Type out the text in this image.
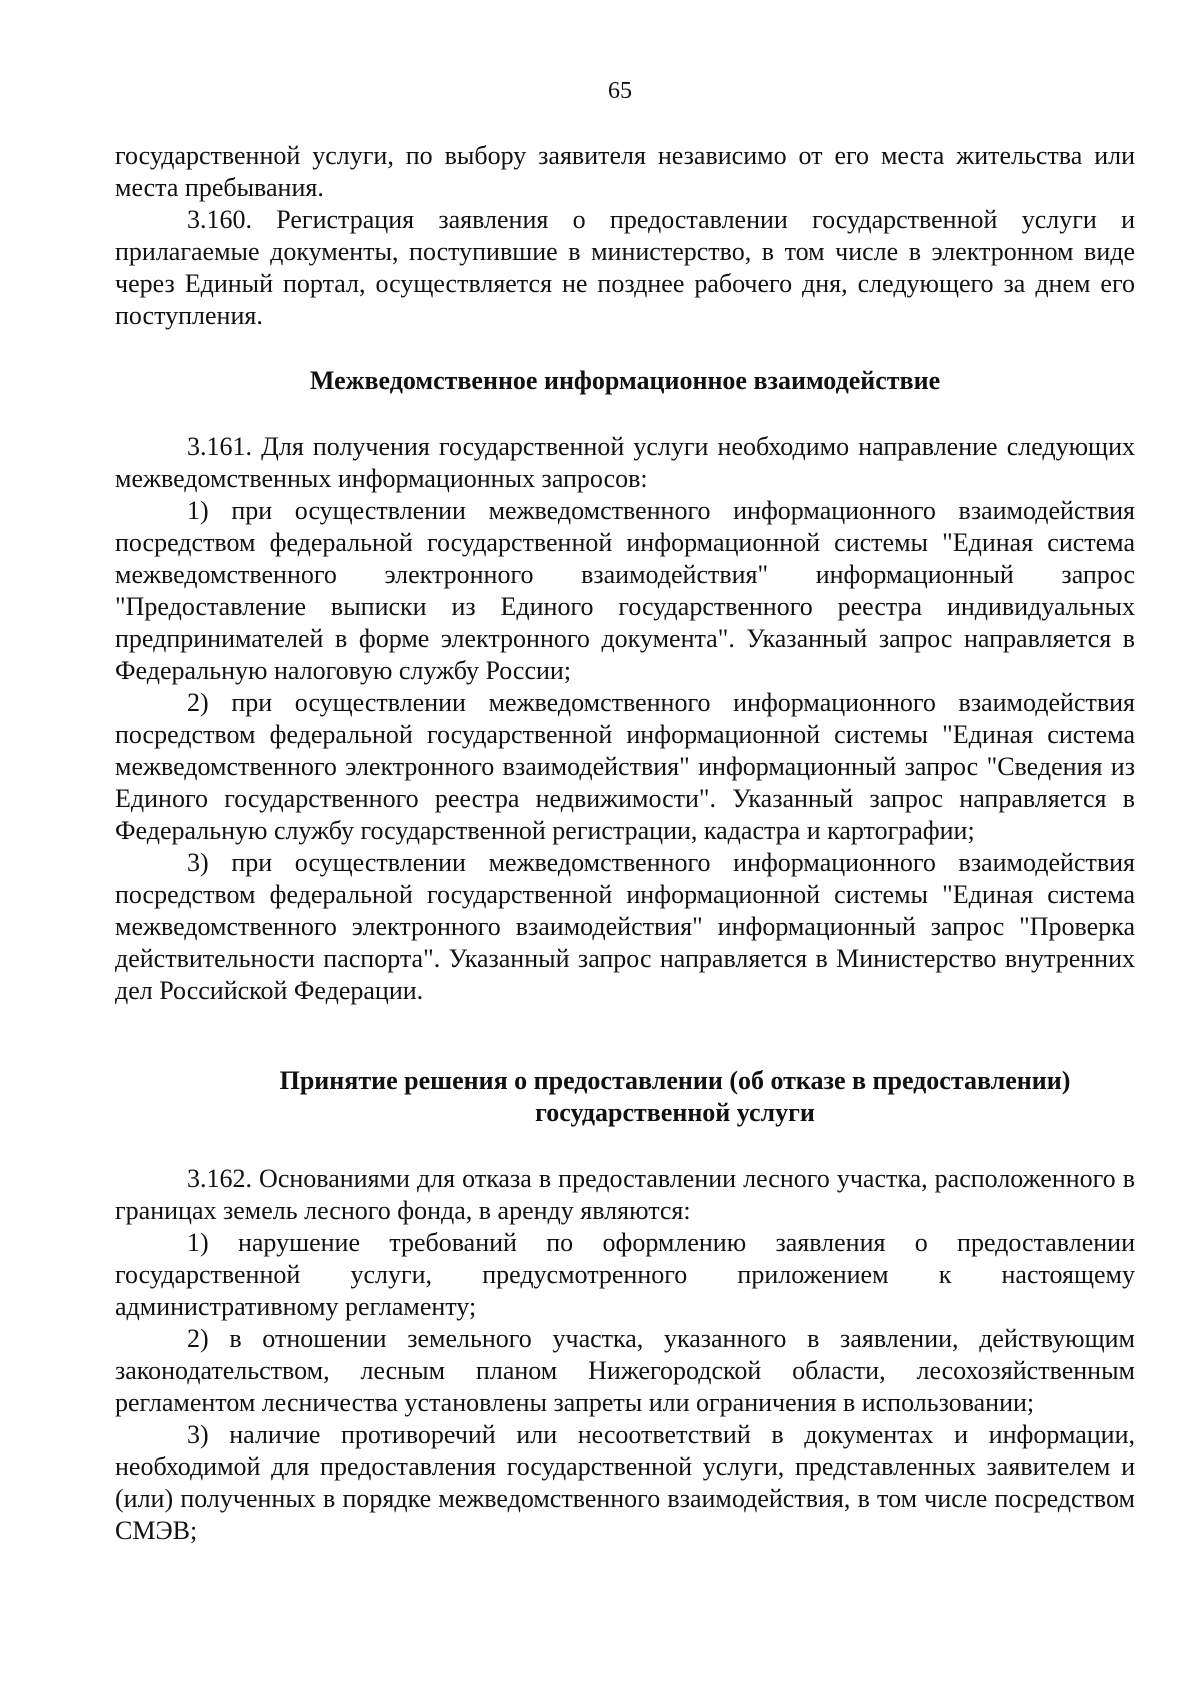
65

государственной услуги, по выбору заявителя независимо от его места жительства или места пребывания.

3.160. Регистрация заявления о предоставлении государственной услуги и прилагаемые документы, поступившие в министерство, в том числе в электронном виде через Единый портал, осуществляется не позднее рабочего дня, следующего за днем его поступления.

Межведомственное информационное взаимодействие

3.161. Для получения государственной услуги необходимо направление следующих межведомственных информационных запросов:

1) при осуществлении межведомственного информационного взаимодействия посредством федеральной государственной информационной системы "Единая система межведомственного электронного взаимодействия" информационный запрос "Предоставление выписки из Единого государственного реестра индивидуальных предпринимателей в форме электронного документа". Указанный запрос направляется в Федеральную налоговую службу России;

2) при осуществлении межведомственного информационного взаимодействия посредством федеральной государственной информационной системы "Единая система межведомственного электронного взаимодействия" информационный запрос "Сведения из Единого государственного реестра недвижимости". Указанный запрос направляется в Федеральную службу государственной регистрации, кадастра и картографии;

3) при осуществлении межведомственного информационного взаимодействия посредством федеральной государственной информационной системы "Единая система межведомственного электронного взаимодействия" информационный запрос "Проверка действительности паспорта". Указанный запрос направляется в Министерство внутренних дел Российской Федерации.

Принятие решения о предоставлении (об отказе в предоставлении)

государственной услуги

3.162. Основаниями для отказа в предоставлении лесного участка, расположенного в границах земель лесного фонда, в аренду являются:

1) нарушение требований по оформлению заявления о предоставлении государственной услуги, предусмотренного приложением к настоящему административному регламенту;

2) в отношении земельного участка, указанного в заявлении, действующим законодательством, лесным планом Нижегородской области, лесохозяйственным регламентом лесничества установлены запреты или ограничения в использовании;

3) наличие противоречий или несоответствий в документах и информации, необходимой для предоставления государственной услуги, представленных заявителем и (или) полученных в порядке межведомственного взаимодействия, в том числе посредством СМЭВ;
